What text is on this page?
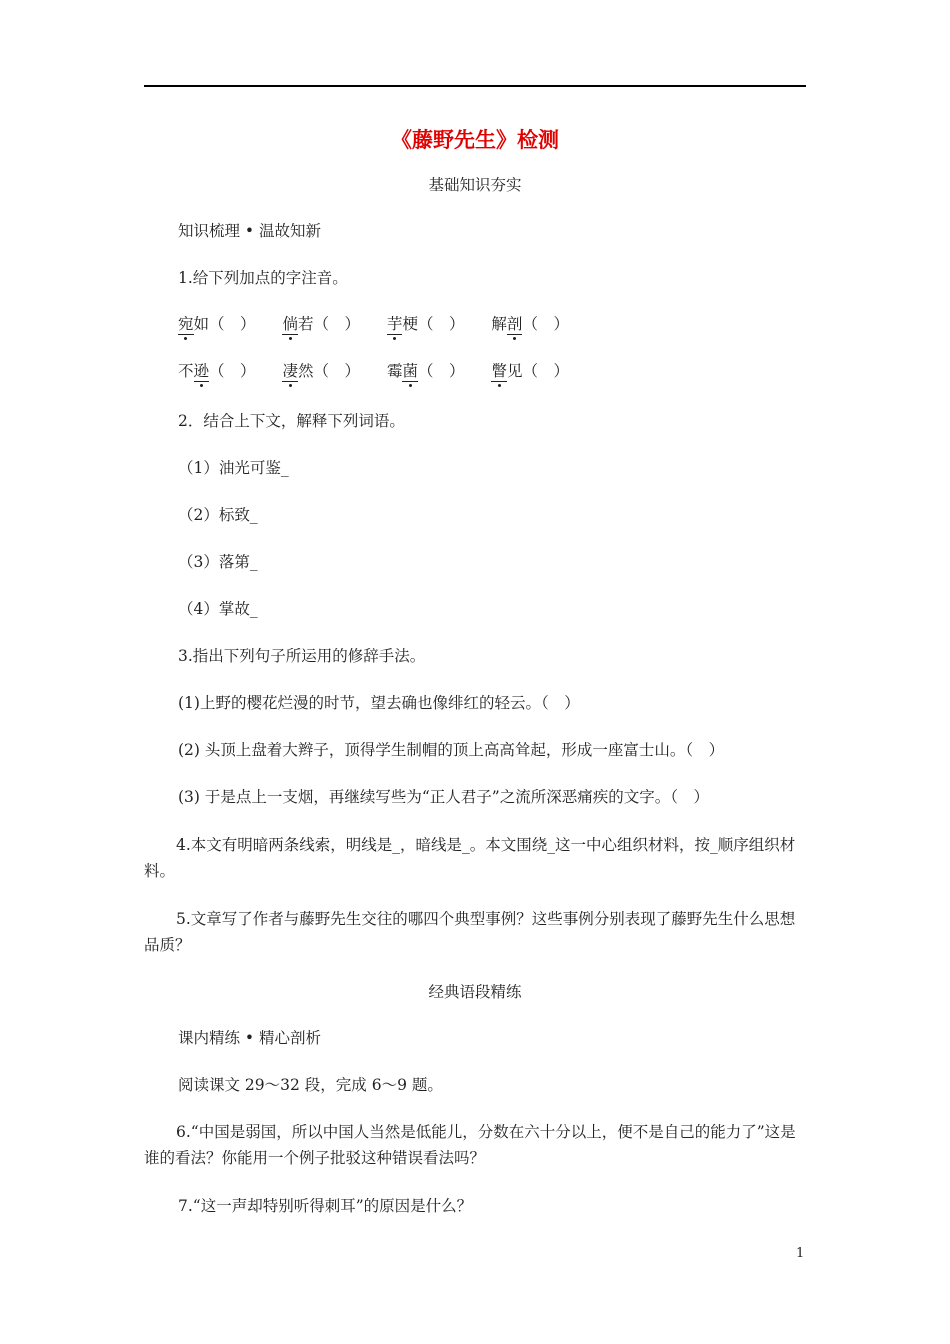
《藤野先生》检测
基础知识夯实
知识梳理 • 温故知新
1.给下列加点的字注音。
宛如（　） 倘若（　） 芋梗（　） 解剖（　）
不逊（　） 凄然（　） 霉菌（　） 瞥见（　）
2．结合上下文，解释下列词语。
（1）油光可鉴_
（2）标致_
（3）落第_
（4）掌故_
3.指出下列句子所运用的修辞手法。
(1)上野的樱花烂漫的时节，望去确也像绯红的轻云。（　）
(2) 头顶上盘着大辫子，顶得学生制帽的顶上高高耸起，形成一座富士山。（　）
(3) 于是点上一支烟，再继续写些为“正人君子”之流所深恶痛疾的文字。（　）
4.本文有明暗两条线索，明线是_，暗线是_。本文围绕_这一中心组织材料，按_顺序组织材料。
5.文章写了作者与藤野先生交往的哪四个典型事例？这些事例分别表现了藤野先生什么思想品质？
经典语段精练
课内精练 • 精心剖析
阅读课文 29～32 段，完成 6～9 题。
6.“中国是弱国，所以中国人当然是低能儿，分数在六十分以上，便不是自己的能力了”这是谁的看法？你能用一个例子批驳这种错误看法吗？
7.“这一声却特别听得刺耳”的原因是什么？
1
